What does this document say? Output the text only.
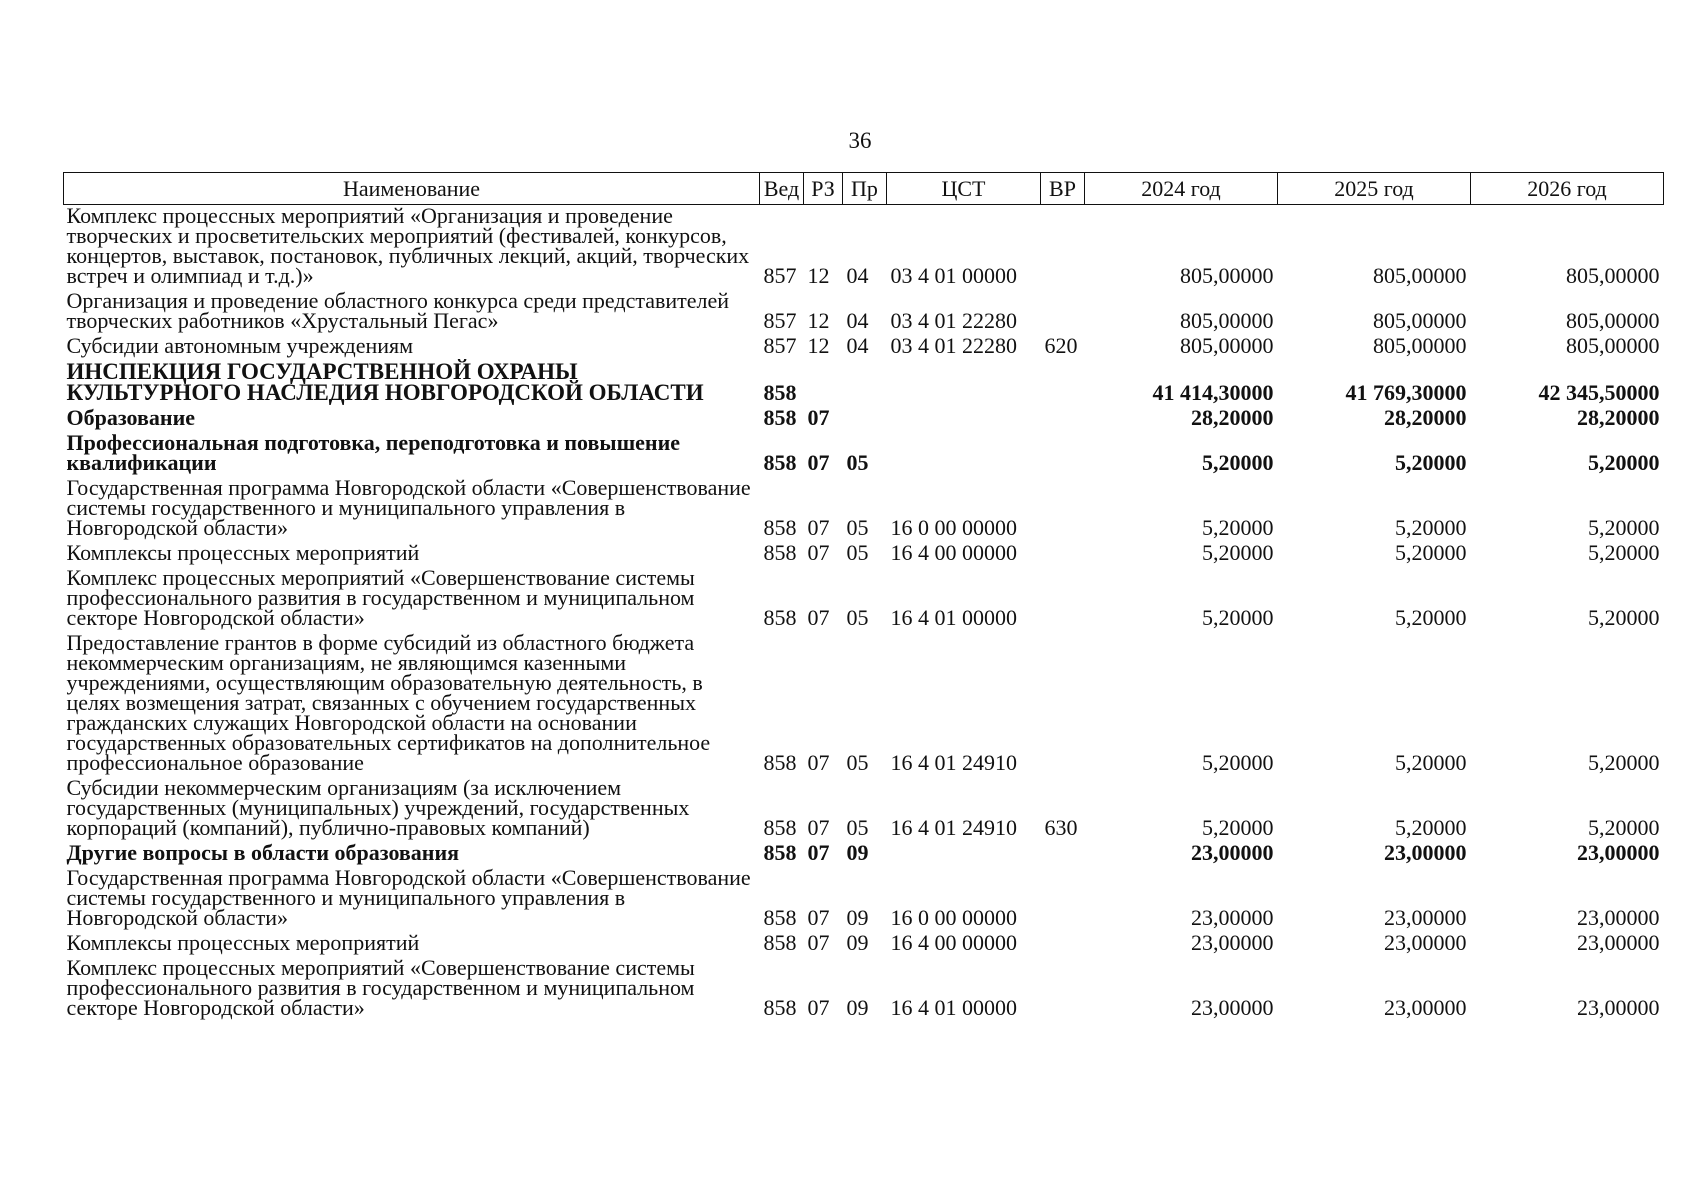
36
Наименование	Вед	РЗ	Пр	ЦСТ	ВР	2024 год	2025 год	2026 год
Комплекс процессных мероприятий «Организация и проведение творческих и просветительских мероприятий (фестивалей, конкурсов, концертов, выставок, постановок, публичных лекций, акций, творческих встреч и олимпиад и т.д.)»	857	12	04	03 4 01 00000		805,00000	805,00000	805,00000
Организация и проведение областного конкурса среди представителей творческих работников «Хрустальный Пегас»	857	12	04	03 4 01 22280		805,00000	805,00000	805,00000
Субсидии автономным учреждениям	857	12	04	03 4 01 22280	620	805,00000	805,00000	805,00000
ИНСПЕКЦИЯ ГОСУДАРСТВЕННОЙ ОХРАНЫ КУЛЬТУРНОГО НАСЛЕДИЯ НОВГОРОДСКОЙ ОБЛАСТИ	858					41 414,30000	41 769,30000	42 345,50000
Образование	858	07				28,20000	28,20000	28,20000
Профессиональная подготовка, переподготовка и повышение квалификации	858	07	05			5,20000	5,20000	5,20000
Государственная программа Новгородской области «Совершенствование системы государственного и муниципального управления в Новгородской области»	858	07	05	16 0 00 00000		5,20000	5,20000	5,20000
Комплексы процессных мероприятий	858	07	05	16 4 00 00000		5,20000	5,20000	5,20000
Комплекс процессных мероприятий «Совершенствование системы профессионального развития в государственном и муниципальном секторе Новгородской области»	858	07	05	16 4 01 00000		5,20000	5,20000	5,20000
Предоставление грантов в форме субсидий из областного бюджета некоммерческим организациям, не являющимся казенными учреждениями, осуществляющим образовательную деятельность, в целях возмещения затрат, связанных с обучением государственных гражданских служащих Новгородской области на основании государственных образовательных сертификатов на дополнительное профессиональное образование	858	07	05	16 4 01 24910		5,20000	5,20000	5,20000
Субсидии некоммерческим организациям (за исключением государственных (муниципальных) учреждений, государственных корпораций (компаний), публично-правовых компаний)	858	07	05	16 4 01 24910	630	5,20000	5,20000	5,20000
Другие вопросы в области образования	858	07	09			23,00000	23,00000	23,00000
Государственная программа Новгородской области «Совершенствование системы государственного и муниципального управления в Новгородской области»	858	07	09	16 0 00 00000		23,00000	23,00000	23,00000
Комплексы процессных мероприятий	858	07	09	16 4 00 00000		23,00000	23,00000	23,00000
Комплекс процессных мероприятий «Совершенствование системы профессионального развития в государственном и муниципальном секторе Новгородской области»	858	07	09	16 4 01 00000		23,00000	23,00000	23,00000
